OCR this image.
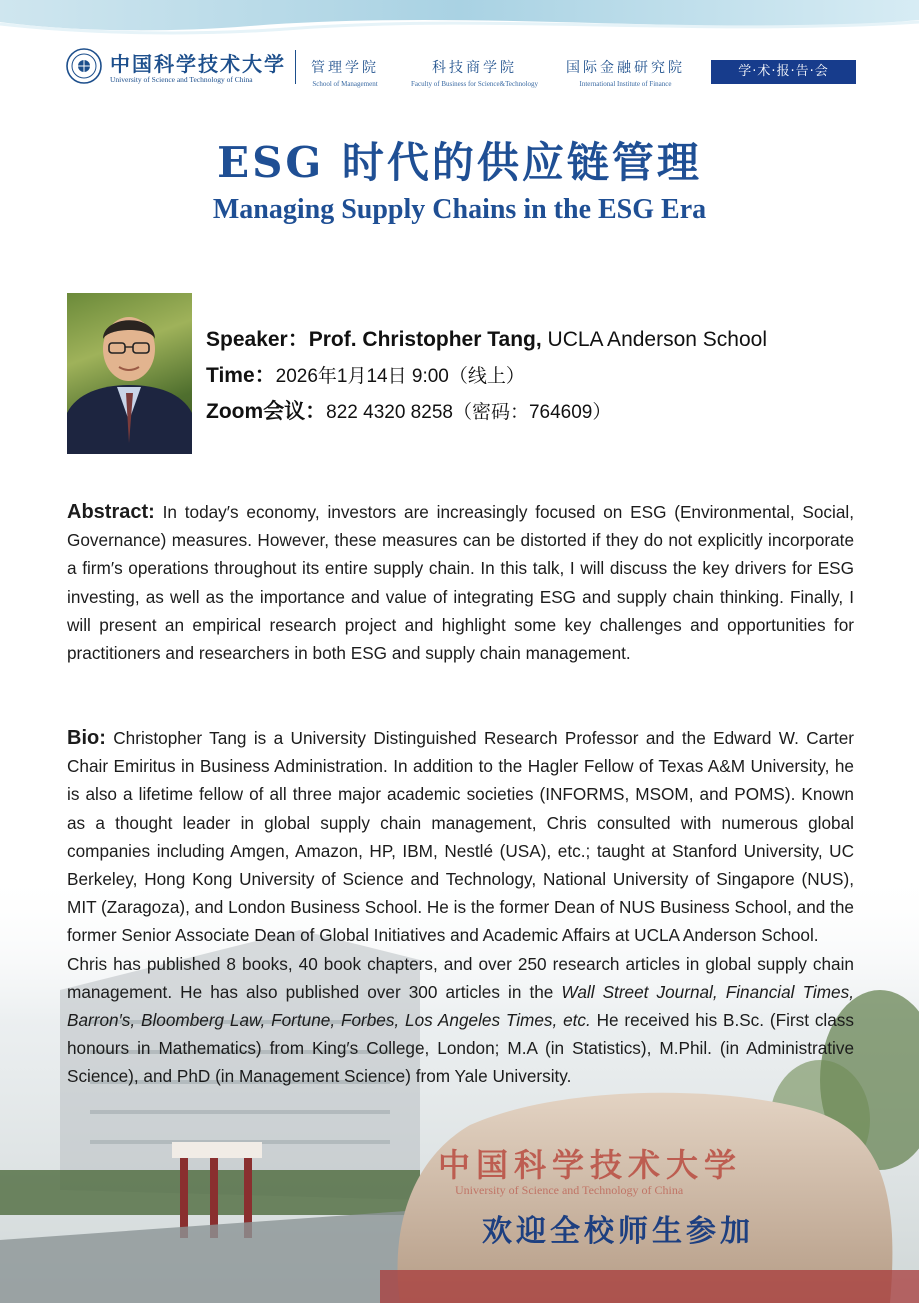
中国科学技术大学
University of Science and Technology of China
管理学院
School of Management
科技商学院
Faculty of Business for Science&Technology
国际金融研究院
International Institute of Finance
学·术·报·告·会
ESG 时代的供应链管理
Managing Supply Chains in the ESG Era
Speaker：Prof. Christopher Tang, UCLA Anderson School
Time：2026年1月14日 9:00（线上）
Zoom会议：822 4320 8258（密码：764609）
中国科学技术大学
University of Science and Technology of China
欢迎全校师生参加
Abstract: In today′s economy, investors are increasingly focused on ESG (Environmental, Social, Governance) measures. However, these measures can be distorted if they do not explicitly incorporate a firm′s operations throughout its entire supply chain. In this talk, I will discuss the key drivers for ESG investing, as well as the importance and value of integrating ESG and supply chain thinking. Finally, I will present an empirical research project and highlight some key challenges and opportunities for practitioners and researchers in both ESG and supply chain management.
Bio: Christopher Tang is a University Distinguished Research Professor and the Edward W. Carter Chair Emiritus in Business Administration. In addition to the Hagler Fellow of Texas A&M University, he is also a lifetime fellow of all three major academic societies (INFORMS, MSOM, and POMS). Known as a thought leader in global supply chain management, Chris consulted with numerous global companies including Amgen, Amazon, HP, IBM, Nestlé (USA), etc.; taught at Stanford University, UC Berkeley, Hong Kong University of Science and Technology, National University of Singapore (NUS), MIT (Zaragoza), and London Business School. He is the former Dean of NUS Business School, and the former Senior Associate Dean of Global Initiatives and Academic Affairs at UCLA Anderson School.
Chris has published 8 books, 40 book chapters, and over 250 research articles in global supply chain management. He has also published over 300 articles in the Wall Street Journal, Financial Times, Barron′s, Bloomberg Law, Fortune, Forbes, Los Angeles Times, etc. He received his B.Sc. (First class honours in Mathematics) from King′s College, London; M.A (in Statistics), M.Phil. (in Administrative Science), and PhD (in Management Science) from Yale University.
